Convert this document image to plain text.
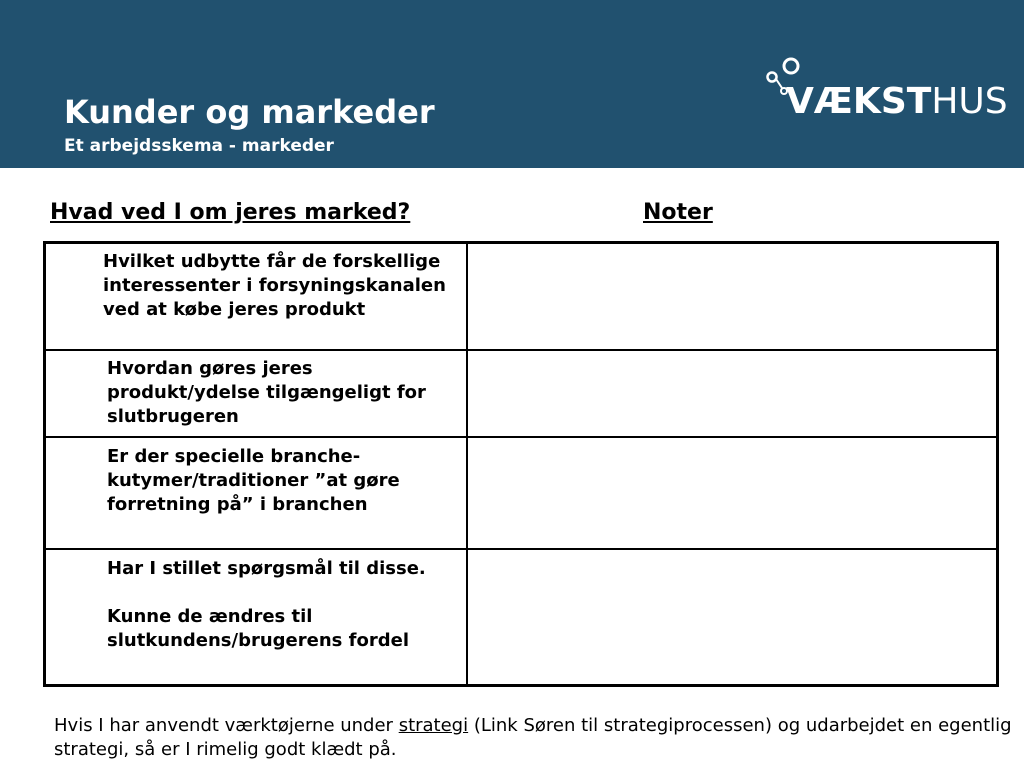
Kunder og markeder
Et arbejdsskema - markeder
VÆKSTHUS
Hvad ved I om jeres marked?	Noter

Hvilket udbytte får de forskellige interessenter i forsyningskanalen ved at købe jeres produkt

Hvordan gøres jeres produkt/ydelse tilgængeligt for slutbrugeren

Er der specielle branche-kutymer/traditioner ”at gøre forretning på” i branchen

Har I stillet spørgsmål til disse.

Kunne de ændres til slutkundens/brugerens fordel

Hvis I har anvendt værktøjerne under strategi (Link Søren til strategiprocessen) og udarbejdet en egentlig strategi, så er I rimelig godt klædt på.
